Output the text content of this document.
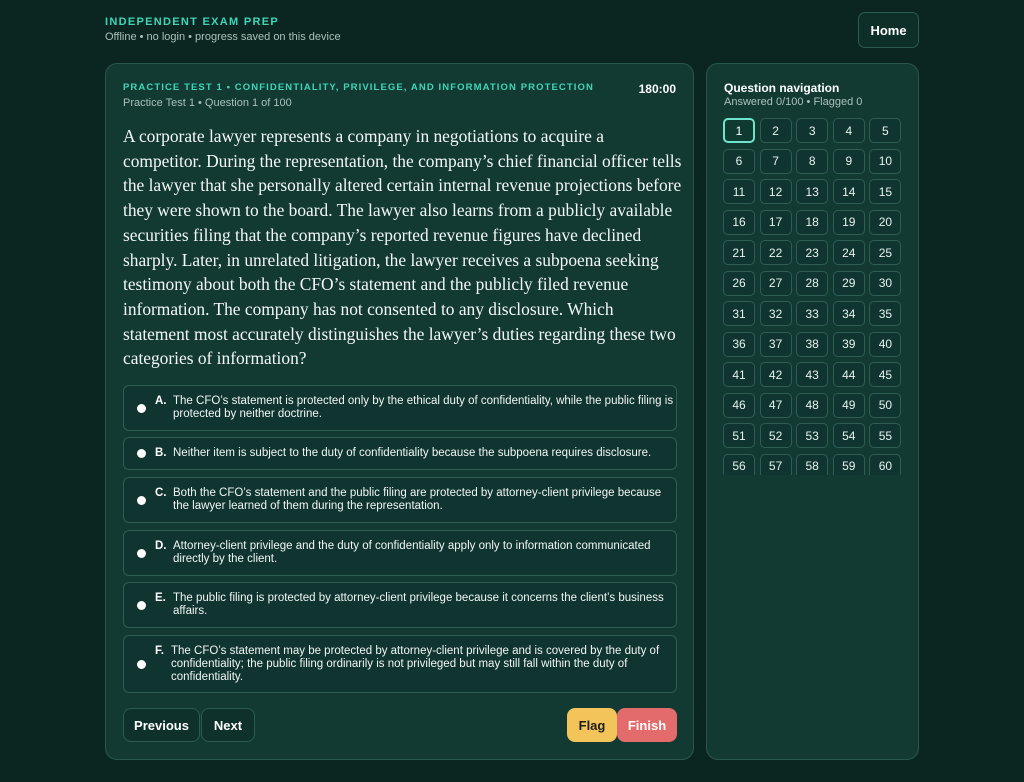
INDEPENDENT EXAM PREP
Offline • no login • progress saved on this device	Home
PRACTICE TEST 1 • CONFIDENTIALITY, PRIVILEGE, AND INFORMATION PROTECTION
Practice Test 1 • Question 1 of 100
180:00
A corporate lawyer represents a company in negotiations to acquire a competitor. During the representation, the company’s chief financial officer tells the lawyer that she personally altered certain internal revenue projections before they were shown to the board. The lawyer also learns from a publicly available securities filing that the company’s reported revenue figures have declined sharply. Later, in unrelated litigation, the lawyer receives a subpoena seeking testimony about both the CFO’s statement and the publicly filed revenue information. The company has not consented to any disclosure. Which statement most accurately distinguishes the lawyer’s duties regarding these two categories of information?
A. The CFO’s statement is protected only by the ethical duty of confidentiality, while the public filing is protected by neither doctrine.
B. Neither item is subject to the duty of confidentiality because the subpoena requires disclosure.
C. Both the CFO’s statement and the public filing are protected by attorney-client privilege because the lawyer learned of them during the representation.
D. Attorney-client privilege and the duty of confidentiality apply only to information communicated directly by the client.
E. The public filing is protected by attorney-client privilege because it concerns the client’s business affairs.
F. The CFO’s statement may be protected by attorney-client privilege and is covered by the duty of confidentiality; the public filing ordinarily is not privileged but may still fall within the duty of confidentiality.
Previous	Next	Flag	Finish
Question navigation
Answered 0/100 • Flagged 0
1	2	3	4	5
6	7	8	9	10
11	12	13	14	15
16	17	18	19	20
21	22	23	24	25
26	27	28	29	30
31	32	33	34	35
36	37	38	39	40
41	42	43	44	45
46	47	48	49	50
51	52	53	54	55
56	57	58	59	60
